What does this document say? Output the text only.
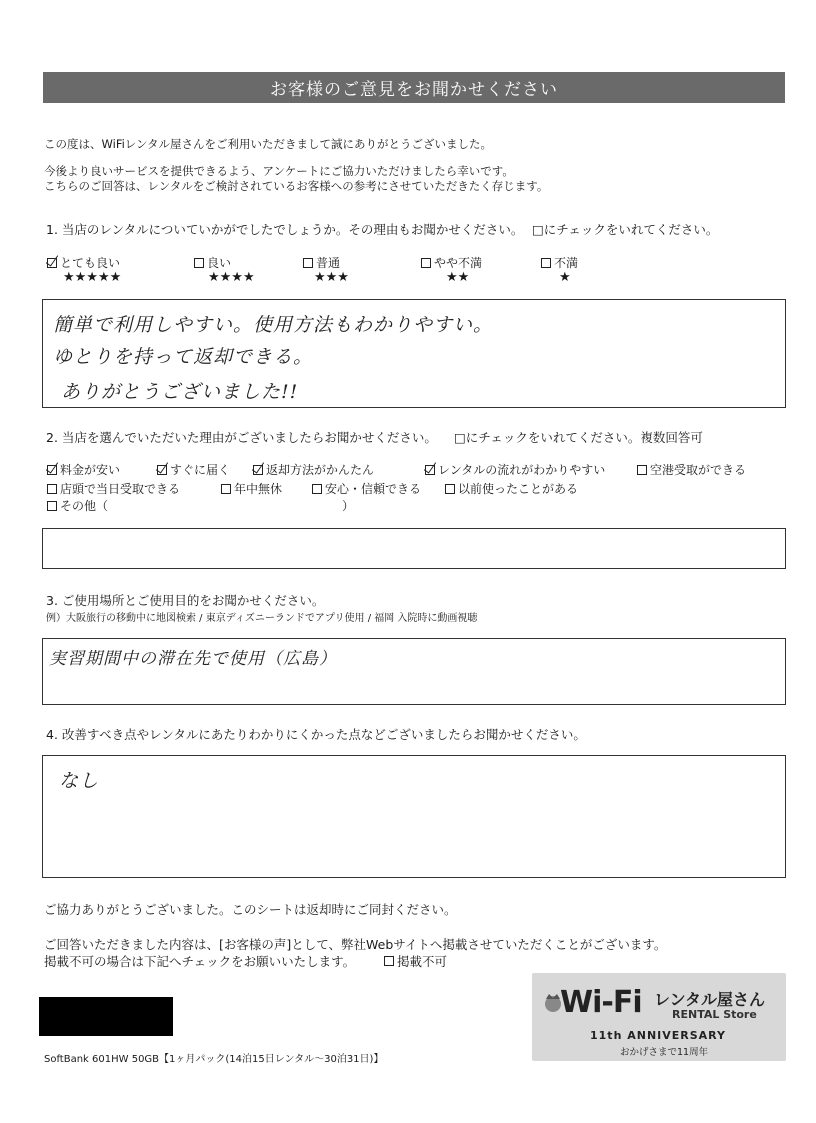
お客様のご意見をお聞かせください
この度は、WiFiレンタル屋さんをご利用いただきまして誠にありがとうございました。
今後より良いサービスを提供できるよう、アンケートにご協力いただけましたら幸いです。
こちらのご回答は、レンタルをご検討されているお客様への参考にさせていただきたく存じます。
1. 当店のレンタルについていかがでしたでしょうか。その理由もお聞かせください。 □にチェックをいれてください。
とても良い
★★★★★
良い
★★★★
普通
★★★
やや不満
★★
不満
★
簡単で利用しやすい。使用方法もわかりやすい。
ゆとりを持って返却できる。
ありがとうございました!!
2. 当店を選んでいただいた理由がございましたらお聞かせください。 □にチェックをいれてください。複数回答可
料金が安い	すぐに届く	返却方法がかんたん	レンタルの流れがわかりやすい	空港受取ができる
店頭で当日受取できる	年中無休	安心・信頼できる	以前使ったことがある
その他（	）
3. ご使用場所とご使用目的をお聞かせください。
例）大阪旅行の移動中に地図検索 / 東京ディズニーランドでアプリ使用 / 福岡 入院時に動画視聴
実習期間中の滞在先で使用（広島）
4. 改善すべき点やレンタルにあたりわかりにくかった点などございましたらお聞かせください。
なし
ご協力ありがとうございました。このシートは返却時にご同封ください。
ご回答いただきました内容は、[お客様の声]として、弊社Webサイトへ掲載させていただくことがございます。
掲載不可の場合は下記へチェックをお願いいたします。	掲載不可
SoftBank 601HW 50GB【1ヶ月パック(14泊15日レンタル〜30泊31日)】
Wi-Fi レンタル屋さん
RENTAL Store
11th ANNIVERSARY
おかげさまで11周年
